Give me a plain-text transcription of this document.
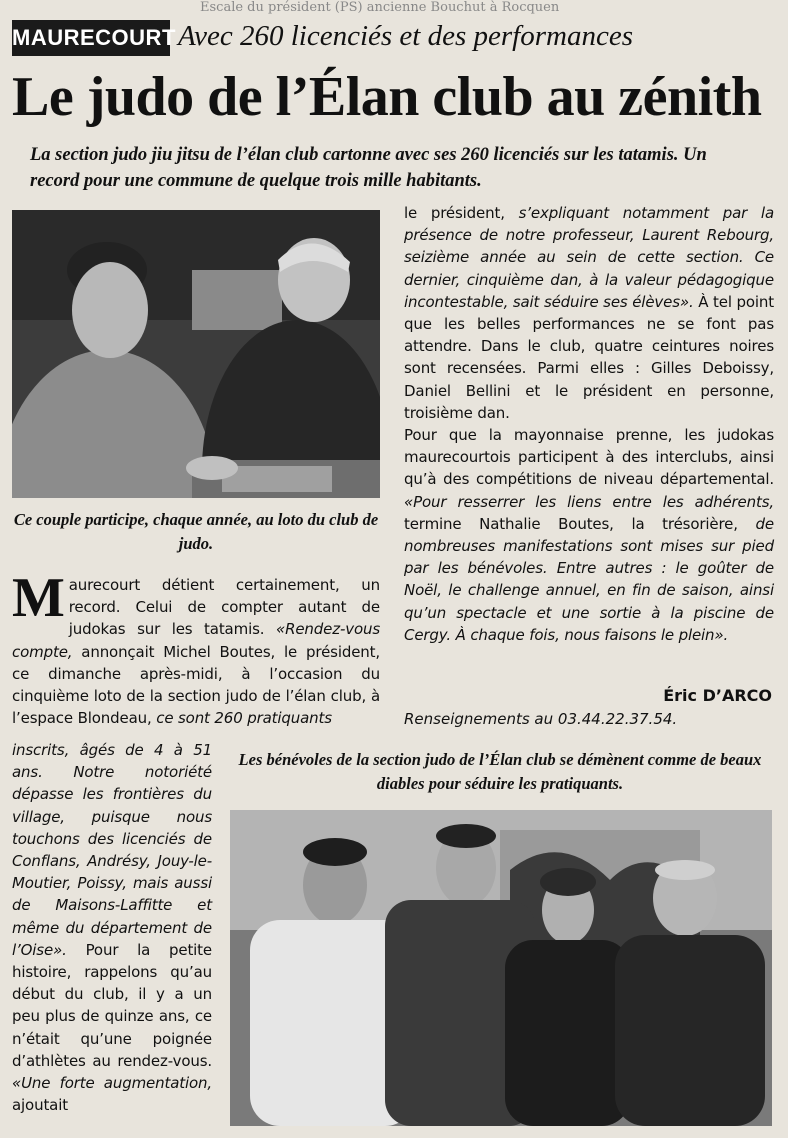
Escale du président (PS) ancienne Bouchut à Rocquen
MAURECOURT Avec 260 licenciés et des performances
Le judo de l’Élan club au zénith
La section judo jiu jitsu de l’élan club cartonne avec ses 260 licenciés sur les tatamis. Un record pour une commune de quelque trois mille habitants.
Ce couple participe, chaque année, au loto du club de judo.
Maurecourt détient certainement, un record. Celui de compter autant de judokas sur les tatamis. «Rendez-vous compte, annonçait Michel Boutes, le président, ce dimanche après-midi, à l’occasion du cinquième loto de la section judo de l’élan club, à l’espace Blondeau, ce sont 260 pratiquants
inscrits, âgés de 4 à 51 ans. Notre notoriété dépasse les frontières du village, puisque nous touchons des licenciés de Conflans, Andrésy, Jouy-le-Moutier, Poissy, mais aussi de Maisons-Laffitte et même du département de l’Oise». Pour la petite histoire, rappelons qu’au début du club, il y a un peu plus de quinze ans, ce n’était qu’une poignée d’athlètes au rendez-vous. «Une forte augmentation, ajoutait

le président, s’expliquant notamment par la présence de notre professeur, Laurent Rebourg, seizième année au sein de cette section. Ce dernier, cinquième dan, à la valeur pédagogique incontestable, sait séduire ses élèves». À tel point que les belles performances ne se font pas attendre. Dans le club, quatre ceintures noires sont recensées. Parmi elles : Gilles Deboissy, Daniel Bellini et le président en personne, troisième dan.

Pour que la mayonnaise prenne, les judokas maurecourtois participent à des interclubs, ainsi qu’à des compétitions de niveau départemental. «Pour resserrer les liens entre les adhérents, termine Nathalie Boutes, la trésorière, de nombreuses manifestations sont mises sur pied par les bénévoles. Entre autres : le goûter de Noël, le challenge annuel, en fin de saison, ainsi qu’un spectacle et une sortie à la piscine de Cergy. À chaque fois, nous faisons le plein».

Éric D’ARCO
Renseignements au 03.44.22.37.54.
Les bénévoles de la section judo de l’Élan club se démènent comme de beaux diables pour séduire les pratiquants.
